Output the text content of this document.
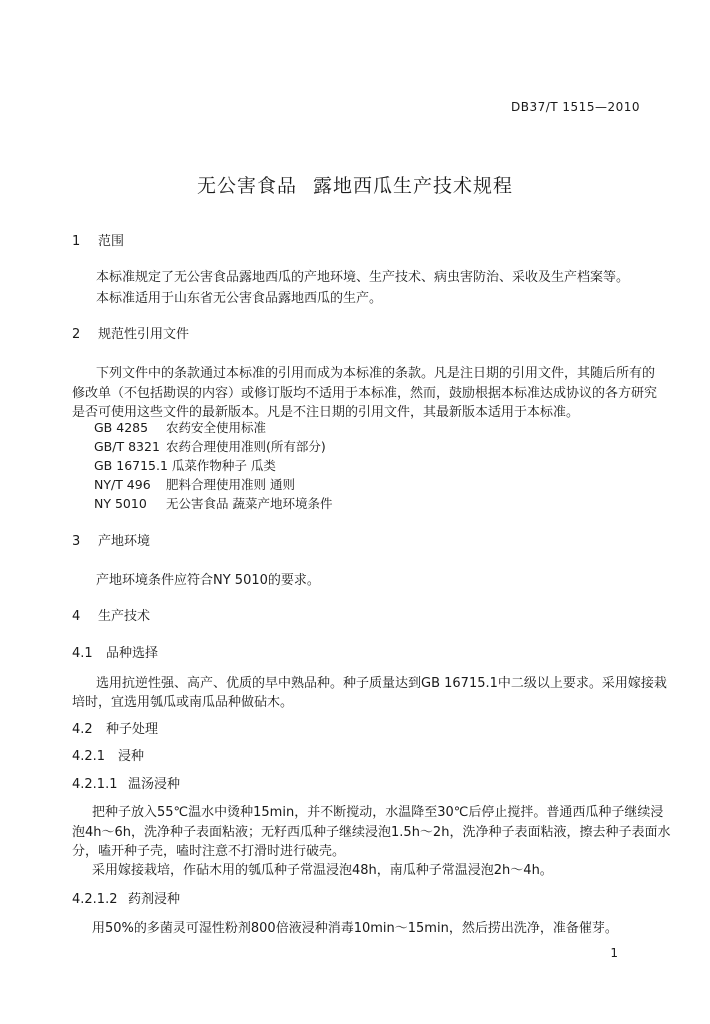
DB37/T 1515—2010
无公害食品 露地西瓜生产技术规程
1 范围
本标准规定了无公害食品露地西瓜的产地环境、生产技术、病虫害防治、采收及生产档案等。
本标准适用于山东省无公害食品露地西瓜的生产。
2 规范性引用文件
下列文件中的条款通过本标准的引用而成为本标准的条款。凡是注日期的引用文件，其随后所有的
修改单（不包括勘误的内容）或修订版均不适用于本标准，然而，鼓励根据本标准达成协议的各方研究
是否可使用这些文件的最新版本。凡是不注日期的引用文件，其最新版本适用于本标准。
GB 4285 农药安全使用标准
GB/T 8321 农药合理使用准则(所有部分)
GB 16715.1 瓜菜作物种子 瓜类
NY/T 496 肥料合理使用准则 通则
NY 5010 无公害食品 蔬菜产地环境条件
3 产地环境
产地环境条件应符合NY 5010的要求。
4 生产技术
4.1 品种选择
选用抗逆性强、高产、优质的早中熟品种。种子质量达到GB 16715.1中二级以上要求。采用嫁接栽
培时，宜选用瓠瓜或南瓜品种做砧木。
4.2 种子处理
4.2.1 浸种
4.2.1.1 温汤浸种
把种子放入55℃温水中烫种15min，并不断搅动，水温降至30℃后停止搅拌。普通西瓜种子继续浸
泡4h～6h，洗净种子表面粘液；无籽西瓜种子继续浸泡1.5h～2h，洗净种子表面粘液，擦去种子表面水
分，嗑开种子壳，嗑时注意不打滑时进行破壳。
采用嫁接栽培，作砧木用的瓠瓜种子常温浸泡48h，南瓜种子常温浸泡2h～4h。
4.2.1.2 药剂浸种
用50%的多菌灵可湿性粉剂800倍液浸种消毒10min～15min，然后捞出洗净，准备催芽。
1
